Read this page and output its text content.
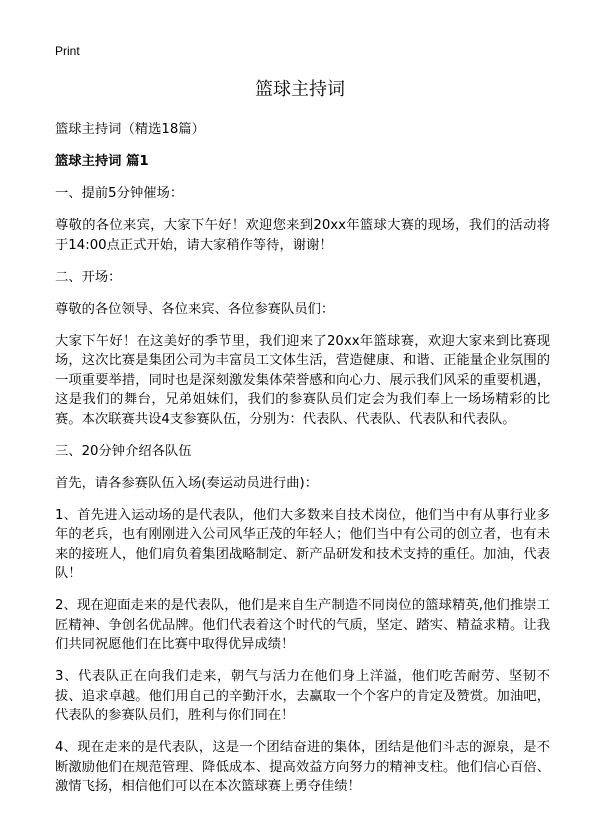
Print
篮球主持词

篮球主持词（精选18篇）

篮球主持词 篇1

一、提前5分钟催场：

尊敬的各位来宾，大家下午好！欢迎您来到20xx年篮球大赛的现场，我们的活动将于14:00点正式开始，请大家稍作等待，谢谢！

二、开场：

尊敬的各位领导、各位来宾、各位参赛队员们：

大家下午好！在这美好的季节里，我们迎来了20xx年篮球赛，欢迎大家来到比赛现场，这次比赛是集团公司为丰富员工文体生活，营造健康、和谐、正能量企业氛围的一项重要举措，同时也是深刻激发集体荣誉感和向心力、展示我们风采的重要机遇，这是我们的舞台，兄弟姐妹们，我们的参赛队员们定会为我们奉上一场场精彩的比赛。本次联赛共设4支参赛队伍，分别为：代表队、代表队、代表队和代表队。

三、20分钟介绍各队伍

首先，请各参赛队伍入场(奏运动员进行曲)：

1、首先进入运动场的是代表队，他们大多数来自技术岗位，他们当中有从事行业多年的老兵，也有刚刚进入公司风华正茂的年轻人；他们当中有公司的创立者，也有未来的接班人，他们肩负着集团战略制定、新产品研发和技术支持的重任。加油，代表队！

2、现在迎面走来的是代表队，他们是来自生产制造不同岗位的篮球精英,他们推崇工匠精神、争创名优品牌。他们代表着这个时代的气质，坚定、踏实、精益求精。让我们共同祝愿他们在比赛中取得优异成绩！

3、代表队正在向我们走来，朝气与活力在他们身上洋溢，他们吃苦耐劳、坚韧不拔、追求卓越。他们用自己的辛勤汗水，去赢取一个个客户的肯定及赞赏。加油吧，代表队的参赛队员们，胜利与你们同在！

4、现在走来的是代表队，这是一个团结奋进的集体，团结是他们斗志的源泉，是不断激励他们在规范管理、降低成本、提高效益方向努力的精神支柱。他们信心百倍、激情飞扬，相信他们可以在本次篮球赛上勇夺佳绩！
